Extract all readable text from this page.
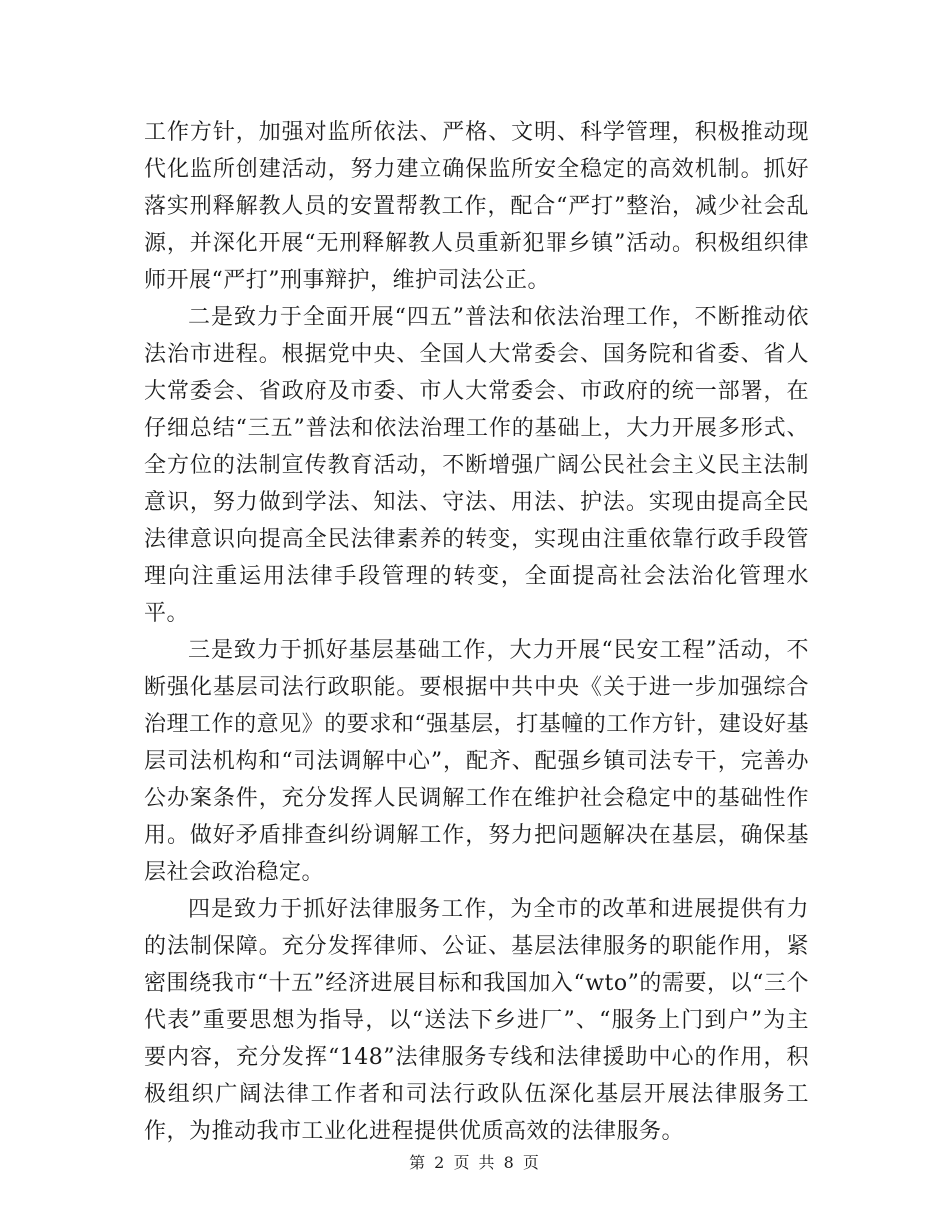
工作方针，加强对监所依法、严格、文明、科学管理，积极推动现代化监所创建活动，努力建立确保监所安全稳定的高效机制。抓好落实刑释解教人员的安置帮教工作，配合“严打”整治，减少社会乱源，并深化开展“无刑释解教人员重新犯罪乡镇”活动。积极组织律师开展“严打”刑事辩护，维护司法公正。

二是致力于全面开展“四五”普法和依法治理工作，不断推动依法治市进程。根据党中央、全国人大常委会、国务院和省委、省人大常委会、省政府及市委、市人大常委会、市政府的统一部署，在仔细总结“三五”普法和依法治理工作的基础上，大力开展多形式、全方位的法制宣传教育活动，不断增强广阔公民社会主义民主法制意识，努力做到学法、知法、守法、用法、护法。实现由提高全民法律意识向提高全民法律素养的转变，实现由注重依靠行政手段管理向注重运用法律手段管理的转变，全面提高社会法治化管理水平。

三是致力于抓好基层基础工作，大力开展“民安工程”活动，不断强化基层司法行政职能。要根据中共中央《关于进一步加强综合治理工作的意见》的要求和“强基层，打基幢的工作方针，建设好基层司法机构和“司法调解中心”，配齐、配强乡镇司法专干，完善办公办案条件，充分发挥人民调解工作在维护社会稳定中的基础性作用。做好矛盾排查纠纷调解工作，努力把问题解决在基层，确保基层社会政治稳定。

四是致力于抓好法律服务工作，为全市的改革和进展提供有力的法制保障。充分发挥律师、公证、基层法律服务的职能作用，紧密围绕我市“十五”经济进展目标和我国加入“wto”的需要，以“三个代表”重要思想为指导，以“送法下乡进厂”、“服务上门到户”为主要内容，充分发挥“148”法律服务专线和法律援助中心的作用，积极组织广阔法律工作者和司法行政队伍深化基层开展法律服务工作，为推动我市工业化进程提供优质高效的法律服务。

第 2 页 共 8 页
